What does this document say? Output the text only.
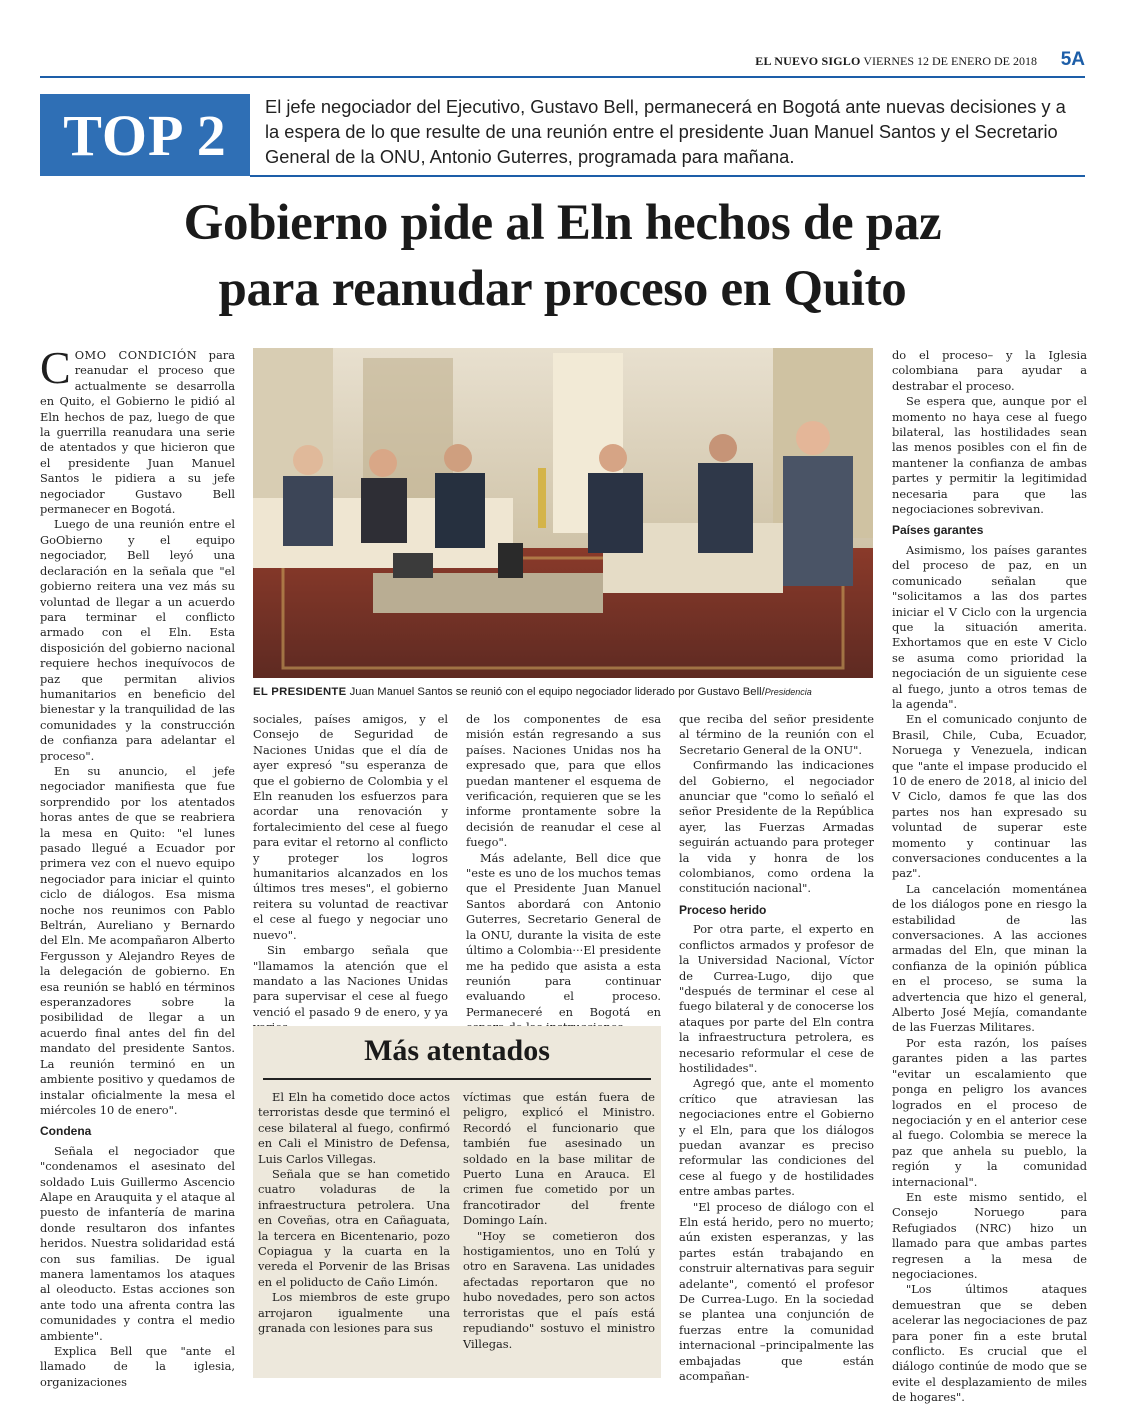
EL NUEVO SIGLO VIERNES 12 DE ENERO DE 2018 5A
TOP 2	El jefe negociador del Ejecutivo, Gustavo Bell, permanecerá en Bogotá ante nuevas decisiones y a la espera de lo que resulte de una reunión entre el presidente Juan Manuel Santos y el Secretario General de la ONU, Antonio Guterres, programada para mañana.
Gobierno pide al Eln hechos de paz
para reanudar proceso en Quito

COMO CONDICIÓN para reanudar el proceso que actualmente se desarrolla en Quito, el Gobierno le pidió al Eln hechos de paz, luego de que la guerrilla reanudara una serie de atentados y que hicieron que el presidente Juan Manuel Santos le pidiera a su jefe negociador Gustavo Bell permanecer en Bogotá.

Luego de una reunión entre el GoObierno y el equipo negociador, Bell leyó una declaración en la señala que "el gobierno reitera una vez más su voluntad de llegar a un acuerdo para terminar el conflicto armado con el Eln. Esta disposición del gobierno nacional requiere hechos inequívocos de paz que permitan alivios humanitarios en beneficio del bienestar y la tranquilidad de las comunidades y la construcción de confianza para adelantar el proceso".

En su anuncio, el jefe negociador manifiesta que fue sorprendido por los atentados horas antes de que se reabriera la mesa en Quito: "el lunes pasado llegué a Ecuador por primera vez con el nuevo equipo negociador para iniciar el quinto ciclo de diálogos. Esa misma noche nos reunimos con Pablo Beltrán, Aureliano y Bernardo del Eln. Me acompañaron Alberto Fergusson y Alejandro Reyes de la delegación de gobierno. En esa reunión se habló en términos esperanzadores sobre la posibilidad de llegar a un acuerdo final antes del fin del mandato del presidente Santos. La reunión terminó en un ambiente positivo y quedamos de instalar oficialmente la mesa el miércoles 10 de enero".

Condena

Señala el negociador que "condenamos el asesinato del soldado Luis Guillermo Ascencio Alape en Arauquita y el ataque al puesto de infantería de marina donde resultaron dos infantes heridos. Nuestra solidaridad está con sus familias. De igual manera lamentamos los ataques al oleoducto. Estas acciones son ante todo una afrenta contra las comunidades y contra el medio ambiente".

Explica Bell que "ante el llamado de la iglesia, organizaciones

EL PRESIDENTE Juan Manuel Santos se reunió con el equipo negociador liderado por Gustavo Bell/Presidencia

sociales, países amigos, y el Consejo de Seguridad de Naciones Unidas que el día de ayer expresó "su esperanza de que el gobierno de Colombia y el Eln reanuden los esfuerzos para acordar una renovación y fortalecimiento del cese al fuego para evitar el retorno al conflicto y proteger los logros humanitarios alcanzados en los últimos tres meses", el gobierno reitera su voluntad de reactivar el cese al fuego y negociar uno nuevo".

Sin embargo señala que "llamamos la atención que el mandato a las Naciones Unidas para supervisar el cese al fuego venció el pasado 9 de enero, y ya

de los componentes de esa misión están regresando a sus países. Naciones Unidas nos ha expresado que, para que ellos puedan mantener el esquema de verificación, requieren que se les informe prontamente sobre la decisión de reanudar el cese al fuego".

Más adelante, Bell dice que "este es uno de los muchos temas que el Presidente Juan Manuel Santos abordará con Antonio Guterres, Secretario General de la ONU, durante la visita de este último a Colombia···El presidente me ha pedido que asista a esta reunión para continuar evaluando el proceso. Permaneceré en Bogotá en

que reciba del señor presidente al término de la reunión con el Secretario General de la ONU".

Confirmando las indicaciones del Gobierno, el negociador anunciar que "como lo señaló el señor Presidente de la República ayer, las Fuerzas Armadas seguirán actuando para proteger la vida y honra de los colombianos, como ordena la constitución nacional".

Proceso herido

Por otra parte, el experto en conflictos armados y profesor de la Universidad Nacional, Víctor de Currea-Lugo, dijo que "después de terminar el cese al fuego bilateral y de conocerse los ataques por parte del Eln contra la infraestructura petrolera, es necesario reformular el cese de hostilidades".

Agregó que, ante el momento crítico que atraviesan las negociaciones entre el Gobierno y el Eln, para que los diálogos puedan avanzar es preciso reformular las condiciones del cese al fuego y de hostilidades entre ambas partes.

"El proceso de diálogo con el Eln está herido, pero no muerto; aún existen esperanzas, y las partes están trabajando en construir alternativas para seguir adelante", comentó el profesor De Currea-Lugo. En la sociedad se plantea una conjunción de fuerzas entre la comunidad internacional –principalmente las embajadas que están acompañan-

do el proceso– y la Iglesia colombiana para ayudar a destrabar el proceso.

Se espera que, aunque por el momento no haya cese al fuego bilateral, las hostilidades sean las menos posibles con el fin de mantener la confianza de ambas partes y permitir la legitimidad necesaria para que las negociaciones sobrevivan.

Países garantes

Asimismo, los países garantes del proceso de paz, en un comunicado señalan que "solicitamos a las dos partes iniciar el V Ciclo con la urgencia que la situación amerita. Exhortamos que en este V Ciclo se asuma como prioridad la negociación de un siguiente cese al fuego, junto a otros temas de la agenda".

En el comunicado conjunto de Brasil, Chile, Cuba, Ecuador, Noruega y Venezuela, indican que "ante el impase producido el 10 de enero de 2018, al inicio del V Ciclo, damos fe que las dos partes nos han expresado su voluntad de superar este momento y continuar las conversaciones conducentes a la paz".

La cancelación momentánea de los diálogos pone en riesgo la estabilidad de las conversaciones. A las acciones armadas del Eln, que minan la confianza de la opinión pública en el proceso, se suma la advertencia que hizo el general, Alberto José Mejía, comandante de las Fuerzas Militares.

Por esta razón, los países garantes piden a las partes "evitar un escalamiento que ponga en peligro los avances logrados en el proceso de negociación y en el anterior cese al fuego. Colombia se merece la paz que anhela su pueblo, la región y la comunidad internacional".

En este mismo sentido, el Consejo Noruego para Refugiados (NRC) hizo un llamado para que ambas partes regresen a la mesa de negociaciones.

"Los últimos ataques demuestran que se deben acelerar las negociaciones de paz para poner fin a este brutal conflicto. Es crucial que el diálogo continúe de modo que se evite el desplazamiento de miles de hogares".

Más atentados

El Eln ha cometido doce actos terroristas desde que terminó el cese bilateral al fuego, confirmó en Cali el Ministro de Defensa, Luis Carlos Villegas.

Señala que se han cometido cuatro voladuras de la infraestructura petrolera. Una en Coveñas, otra en Cañaguata, la tercera en Bicentenario, pozo Copiagua y la cuarta en la vereda el Porvenir de las Brisas en el poliducto de Caño Limón.

Los miembros de este grupo arrojaron igualmente una granada con lesiones para sus

víctimas que están fuera de peligro, explicó el Ministro. Recordó el funcionario que también fue asesinado un soldado en la base militar de Puerto Luna en Arauca. El crimen fue cometido por un francotirador del frente Domingo Laín.

"Hoy se cometieron dos hostigamientos, uno en Tolú y otro en Saravena. Las unidades afectadas reportaron que no hubo novedades, pero son actos terroristas que el país está repudiando" sostuvo el ministro Villegas.
